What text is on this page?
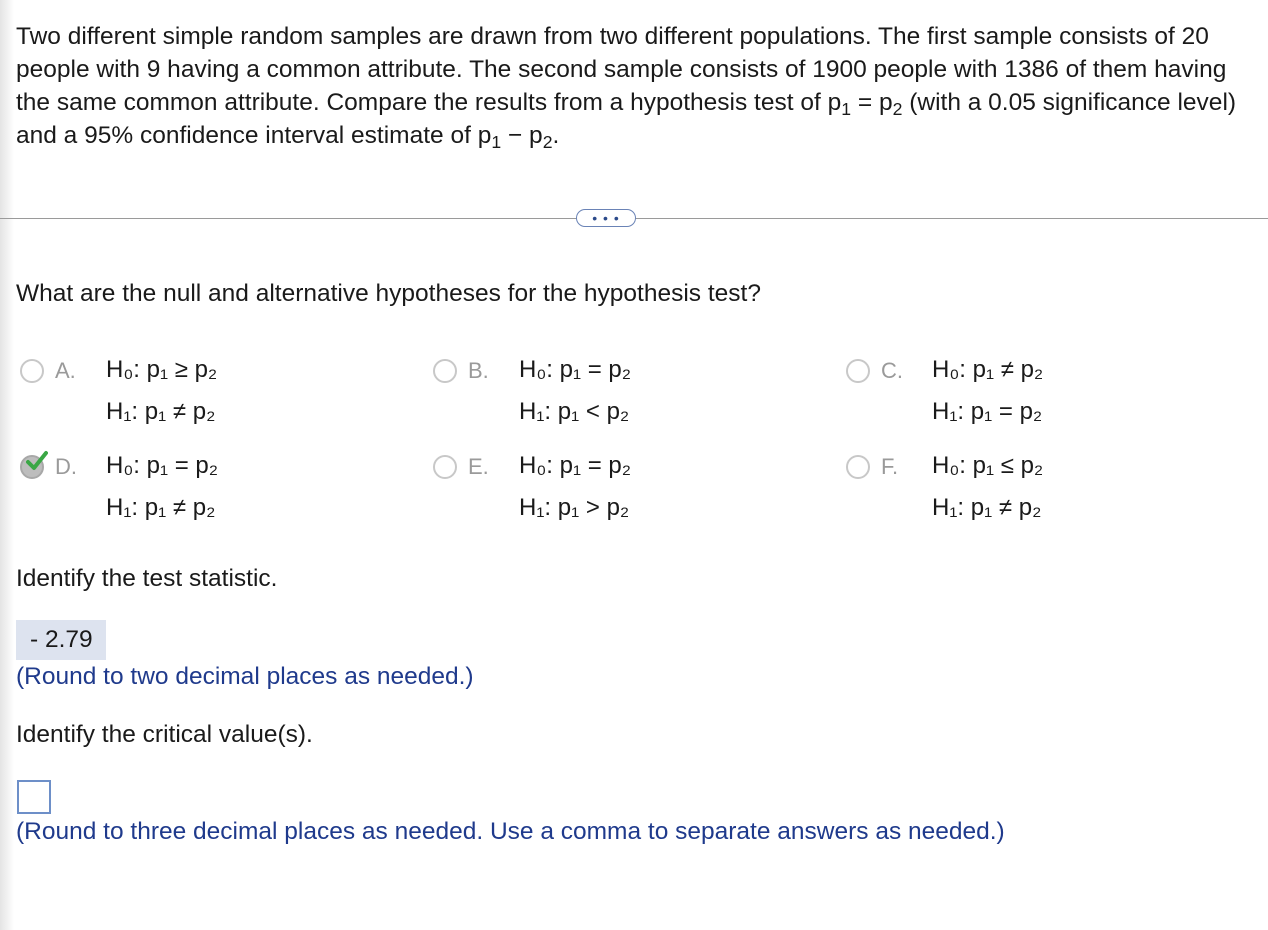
Two different simple random samples are drawn from two different populations. The first sample consists of 20 people with 9 having a common attribute. The second sample consists of 1900 people with 1386 of them having the same common attribute. Compare the results from a hypothesis test of $p_1 = p_2$ (with a 0.05 significance level) and a 95% confidence interval estimate of $p_1 - p_2$.
• • •
What are the null and alternative hypotheses for the hypothesis test?
A. H₀: p₁ ≥ p₂
H₁: p₁ ≠ p₂
B. H₀: p₁ = p₂
H₁: p₁ < p₂
C. H₀: p₁ ≠ p₂
H₁: p₁ = p₂
D. H₀: p₁ = p₂
H₁: p₁ ≠ p₂
E. H₀: p₁ = p₂
H₁: p₁ > p₂
F. H₀: p₁ ≤ p₂
H₁: p₁ ≠ p₂
Identify the test statistic.
- 2.79
(Round to two decimal places as needed.)
Identify the critical value(s).
(Round to three decimal places as needed. Use a comma to separate answers as needed.)
